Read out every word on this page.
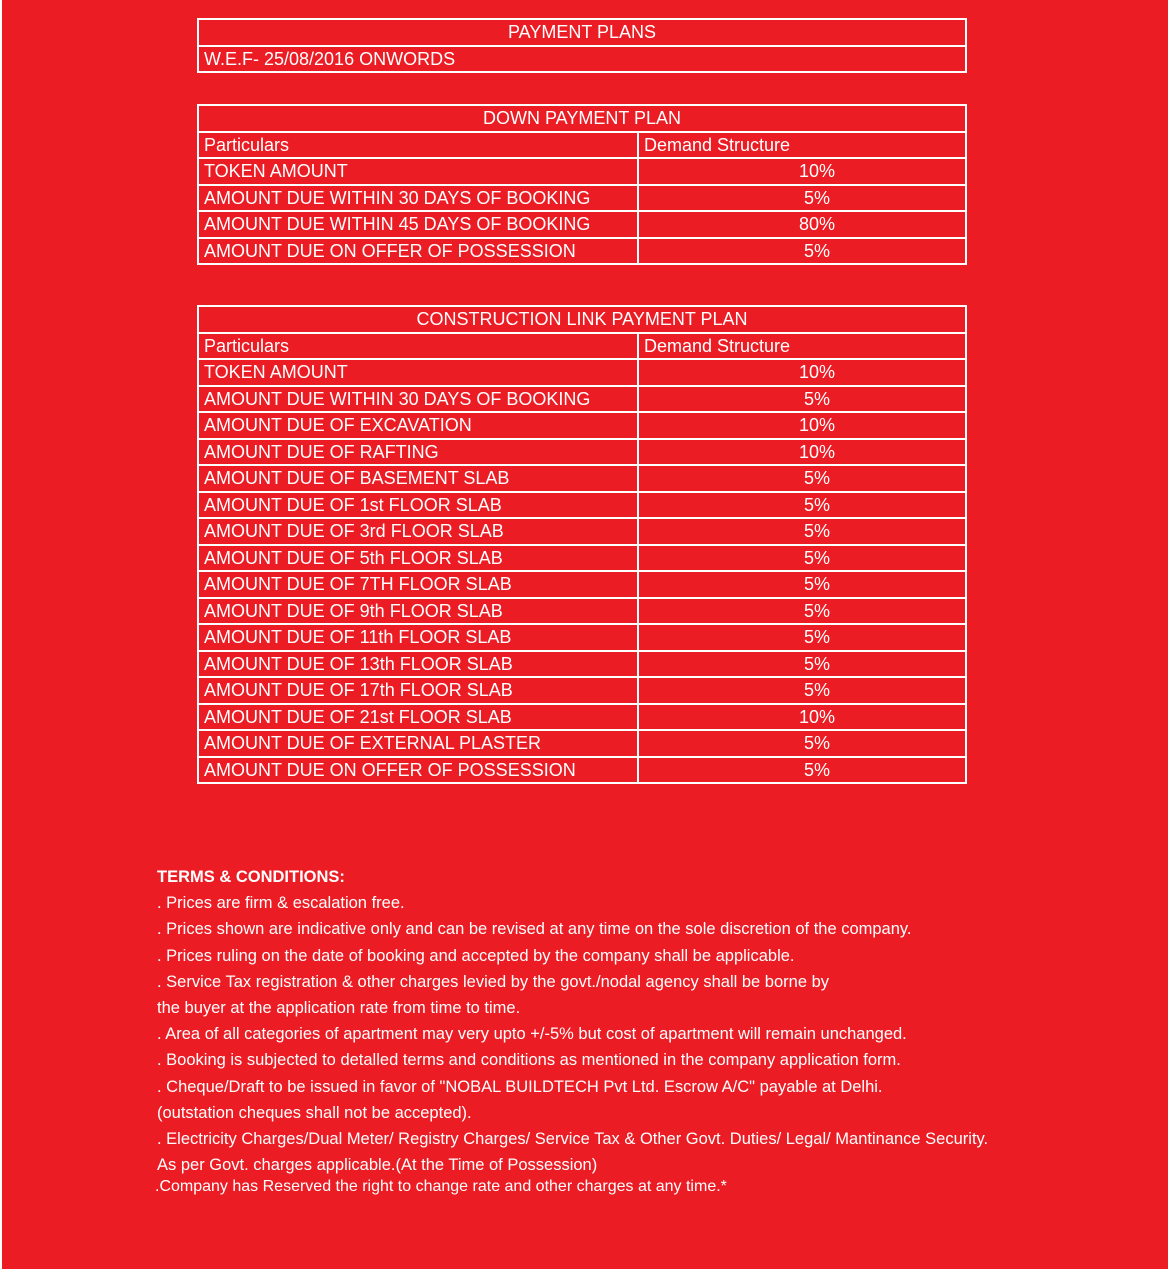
PAYMENT PLANS
W.E.F- 25/08/2016 ONWORDS
DOWN PAYMENT PLAN	
Particulars	Demand Structure
TOKEN AMOUNT	10%
AMOUNT DUE WITHIN 30 DAYS OF BOOKING	5%
AMOUNT DUE WITHIN 45 DAYS OF BOOKING	80%
AMOUNT DUE ON OFFER OF POSSESSION	5%
CONSTRUCTION LINK PAYMENT PLAN	
Particulars	Demand Structure
TOKEN AMOUNT	10%
AMOUNT DUE WITHIN 30 DAYS OF BOOKING	5%
AMOUNT DUE OF EXCAVATION	10%
AMOUNT DUE OF RAFTING	10%
AMOUNT DUE OF BASEMENT SLAB	5%
AMOUNT DUE OF 1st FLOOR SLAB	5%
AMOUNT DUE OF 3rd FLOOR SLAB	5%
AMOUNT DUE OF 5th FLOOR SLAB	5%
AMOUNT DUE OF 7TH FLOOR SLAB	5%
AMOUNT DUE OF 9th FLOOR SLAB	5%
AMOUNT DUE OF 11th FLOOR SLAB	5%
AMOUNT DUE OF 13th FLOOR SLAB	5%
AMOUNT DUE OF 17th FLOOR SLAB	5%
AMOUNT DUE OF 21st FLOOR SLAB	10%
AMOUNT DUE OF EXTERNAL PLASTER	5%
AMOUNT DUE ON OFFER OF POSSESSION	5%
TERMS & CONDITIONS:
. Prices are firm & escalation free.
. Prices shown are indicative only and can be revised at any time on the sole discretion of the company.
. Prices ruling on the date of booking and accepted by the company shall be applicable.
. Service Tax registration & other charges levied by the govt./nodal agency shall be borne by
the buyer at the application rate from time to time.
. Area of all categories of apartment may very upto +/-5% but cost of apartment will remain unchanged.
. Booking is subjected to detalled terms and conditions as mentioned in the company application form.
. Cheque/Draft to be issued in favor of "NOBAL BUILDTECH Pvt Ltd. Escrow A/C" payable at Delhi.
(outstation cheques shall not be accepted).
. Electricity Charges/Dual Meter/ Registry Charges/ Service Tax & Other Govt. Duties/ Legal/ Mantinance Security.
As per Govt. charges applicable.(At the Time of Possession)
.Company has Reserved the right to change rate and other charges at any time.*
